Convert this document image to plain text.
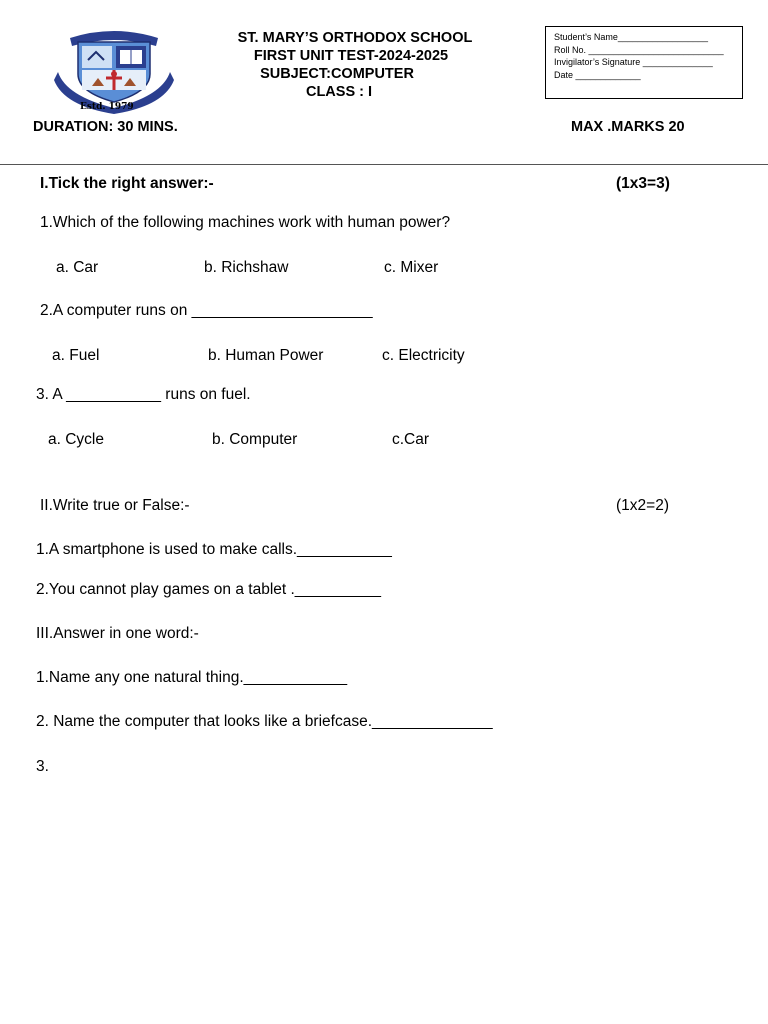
Estd. 1979
ST. MARY’S ORTHODOX SCHOOL
FIRST UNIT TEST-2024-2025
SUBJECT:COMPUTER
CLASS : I
Student’s Name__________________
Roll No. ___________________________
Invigilator’s Signature ______________
Date _____________
DURATION: 30 MINS.	MAX .MARKS 20
I.Tick the right answer:-	(1x3=3)
1.Which of the following machines work with human power?
a. Car	b. Richshaw	c. Mixer
2.A computer runs on _____________________
a. Fuel	b. Human Power	c. Electricity
3. A ___________ runs on fuel.
a. Cycle	b. Computer	c.Car
II.Write true or False:-	(1x2=2)
1.A smartphone is used to make calls.___________
2.You cannot play games on a tablet .__________
III.Answer in one word:-
1.Name any one natural thing.____________
2. Name the computer that looks like a briefcase.______________
3.
